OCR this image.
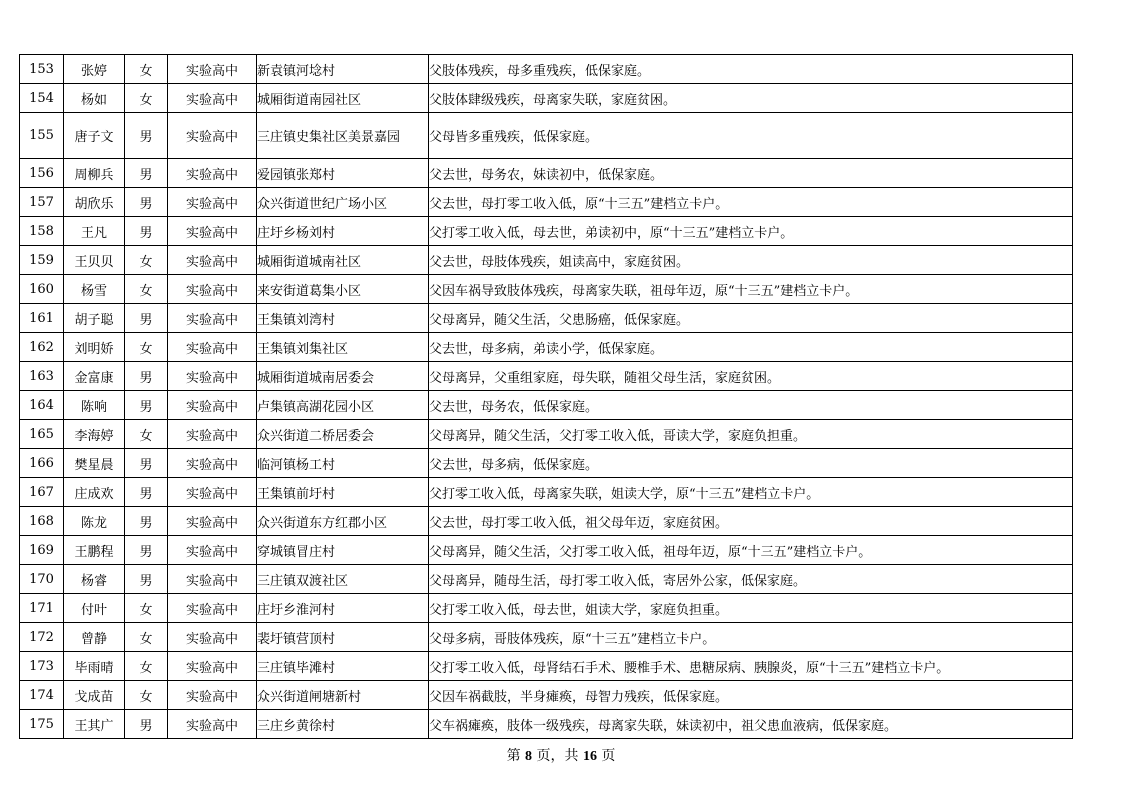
153	张婷	女	实验高中	新袁镇河埝村	父肢体残疾，母多重残疾，低保家庭。
154	杨如	女	实验高中	城厢街道南园社区	父肢体肆级残疾，母离家失联，家庭贫困。
155	唐子文	男	实验高中	三庄镇史集社区美景嘉园	父母皆多重残疾，低保家庭。
156	周柳兵	男	实验高中	爱园镇张郑村	父去世，母务农，妹读初中，低保家庭。
157	胡欣乐	男	实验高中	众兴街道世纪广场小区	父去世，母打零工收入低，原“十三五”建档立卡户。
158	王凡	男	实验高中	庄圩乡杨刘村	父打零工收入低，母去世，弟读初中，原“十三五”建档立卡户。
159	王贝贝	女	实验高中	城厢街道城南社区	父去世，母肢体残疾，姐读高中，家庭贫困。
160	杨雪	女	实验高中	来安街道葛集小区	父因车祸导致肢体残疾，母离家失联，祖母年迈，原“十三五”建档立卡户。
161	胡子聪	男	实验高中	王集镇刘湾村	父母离异，随父生活，父患肠癌，低保家庭。
162	刘明娇	女	实验高中	王集镇刘集社区	父去世，母多病，弟读小学，低保家庭。
163	金富康	男	实验高中	城厢街道城南居委会	父母离异，父重组家庭，母失联，随祖父母生活，家庭贫困。
164	陈响	男	实验高中	卢集镇高湖花园小区	父去世，母务农，低保家庭。
165	李海婷	女	实验高中	众兴街道二桥居委会	父母离异，随父生活，父打零工收入低，哥读大学，家庭负担重。
166	樊星晨	男	实验高中	临河镇杨工村	父去世，母多病，低保家庭。
167	庄成欢	男	实验高中	王集镇前圩村	父打零工收入低，母离家失联，姐读大学，原“十三五”建档立卡户。
168	陈龙	男	实验高中	众兴街道东方红郡小区	父去世，母打零工收入低，祖父母年迈，家庭贫困。
169	王鹏程	男	实验高中	穿城镇冒庄村	父母离异，随父生活，父打零工收入低，祖母年迈，原“十三五”建档立卡户。
170	杨睿	男	实验高中	三庄镇双渡社区	父母离异，随母生活，母打零工收入低，寄居外公家，低保家庭。
171	付叶	女	实验高中	庄圩乡淮河村	父打零工收入低，母去世，姐读大学，家庭负担重。
172	曾静	女	实验高中	裴圩镇营顶村	父母多病，哥肢体残疾，原“十三五”建档立卡户。
173	毕雨晴	女	实验高中	三庄镇毕滩村	父打零工收入低，母肾结石手术、腰椎手术、患糖尿病、胰腺炎，原“十三五”建档立卡户。
174	戈成苗	女	实验高中	众兴街道闸塘新村	父因车祸截肢，半身瘫痪，母智力残疾，低保家庭。
175	王其广	男	实验高中	三庄乡黄徐村	父车祸瘫痪，肢体一级残疾，母离家失联，妹读初中，祖父患血液病，低保家庭。
第 8 页，共 16 页
